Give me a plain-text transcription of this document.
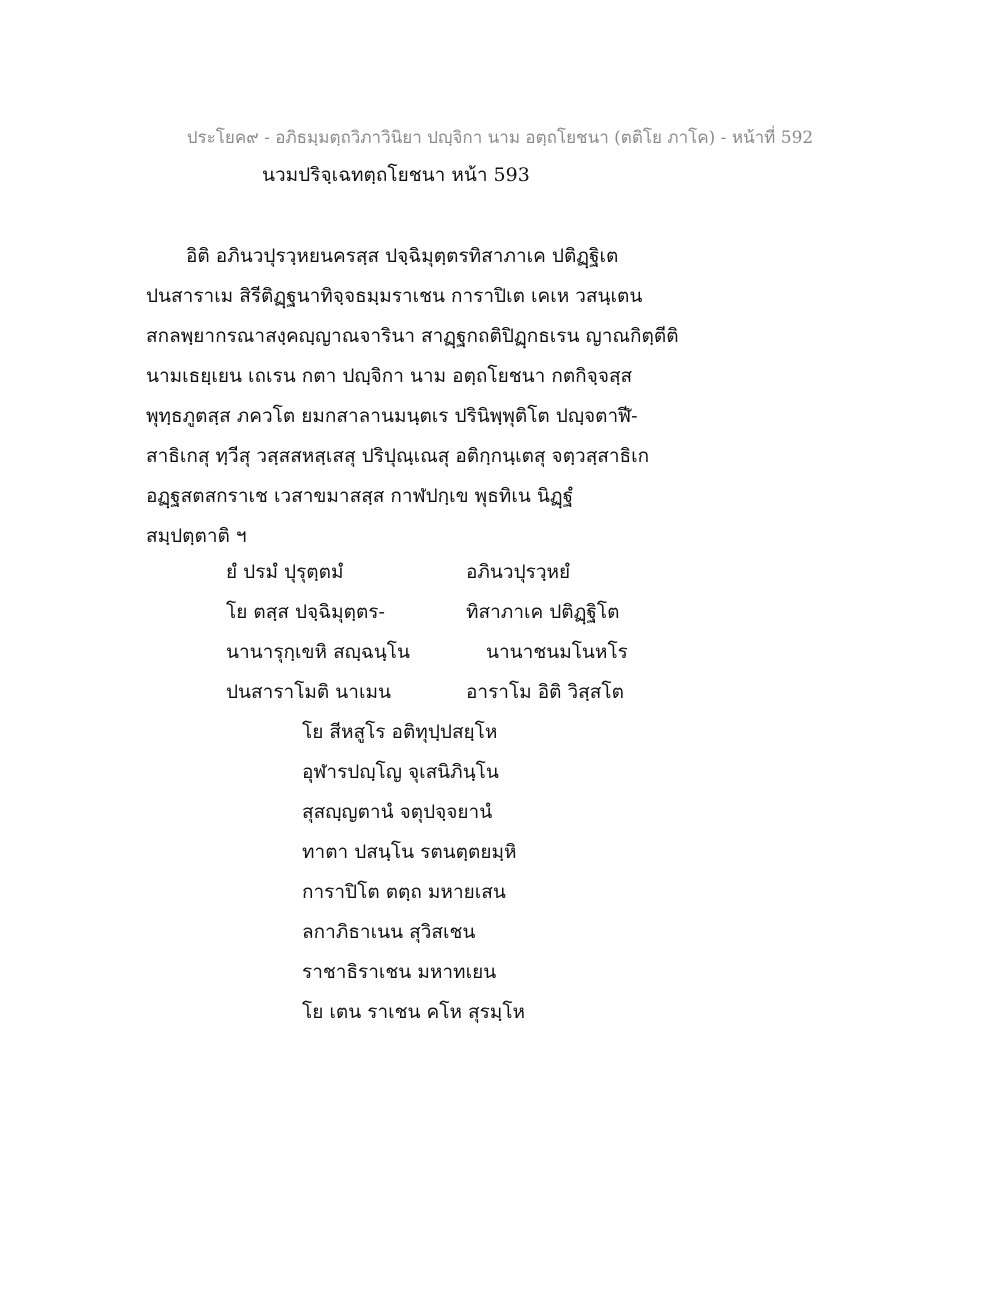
ประโยค๙ - อภิธมฺมตฺถวิภาวินิยา ปญฺจิกา นาม อตฺถโยชนา (ตติโย ภาโค) - หน้าที่ 592
นวมปริจฺเฉทตฺถโยชนา หน้า 593
อิติ อภินวปุรวฺหยนครสฺส ปจฺฉิมุตฺตรทิสาภาเค ปติฏฺฐิเต
ปนสาราเม สิรีติฏฺฐนาทิจฺจธมฺมราเชน การาปิเต เคเห วสนฺเตน
สกลพฺยากรณาสงฺคญฺญาณจารินา สาฏฺฐกถติปิฏฺกธเรน ญาณกิตฺตีติ
นามเธยฺเยน เถเรน กตา ปญฺจิกา นาม อตฺถโยชนา กตกิจฺจสฺส
พุทฺธภูตสฺส ภควโต ยมกสาลานมนฺตเร ปรินิพฺพุติโต ปญฺจตาฬี-
สาธิเกสุ ทฺวีสุ วสฺสสหสฺเสสุ ปริปุณฺเณสุ อติกฺกนฺเตสุ จตฺวสฺสาธิเก
อฏฺฐสตสกราเช เวสาขมาสสฺส กาฬปกฺเข พุธทิเน นิฏฺฐํ
สมฺปตฺตาติ ฯ
ยํ ปรมํ ปุรุตฺตมํ	อภินวปุรวฺหยํ
โย ตสฺส ปจฺฉิมุตฺตร-	ทิสาภาเค ปติฏฺฐิโต
นานารุกฺเขหิ สญฺฉนฺโน	นานาชนมโนหโร
ปนสาราโมติ นาเมน	อาราโม อิติ วิสฺสโต
โย สีหสูโร อติทุปฺปสยฺโห
อุฬารปญฺโญ จุเสนิภินฺโน
สุสญฺญตานํ จตุปจฺจยานํ
ทาตา ปสนฺโน รตนตฺตยมฺหิ
การาปิโต ตตฺถ มหายเสน
ลกาภิธาเนน สุวิสเชน
ราชาธิราเชน มหาทเยน
โย เตน ราเชน คโห สุรมฺโห
